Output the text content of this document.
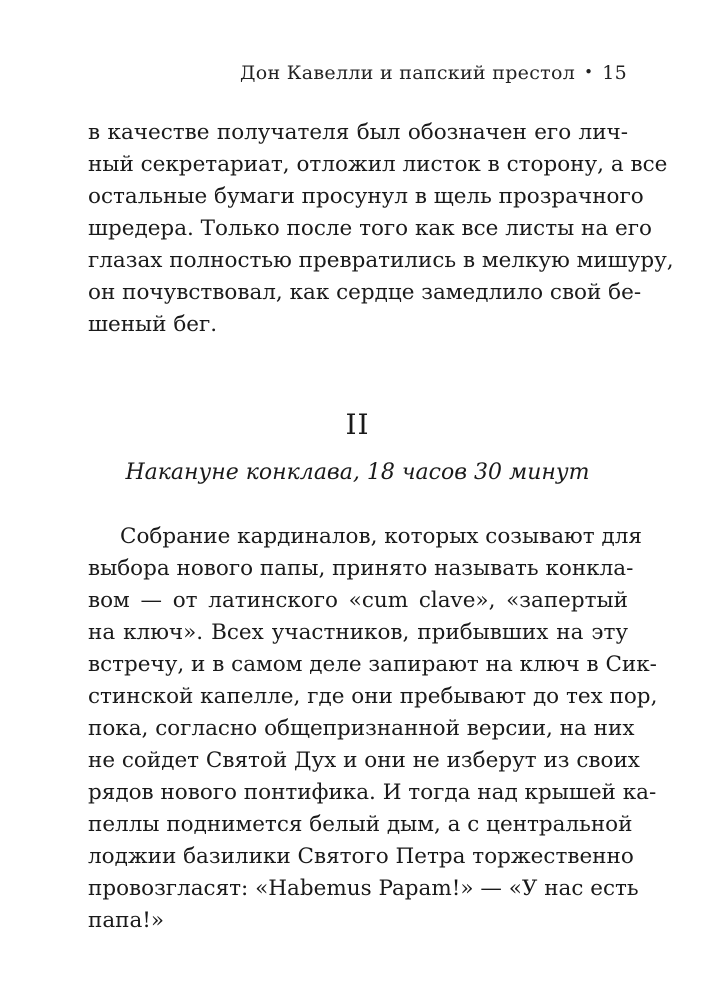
Дон Кавелли и папский престол • 15
в качестве получателя был обозначен его лич-
ный секретариат, отложил листок в сторону, а все
остальные бумаги просунул в щель прозрачного
шредера. Только после того как все листы на его
глазах полностью превратились в мелкую мишуру,
он почувствовал, как сердце замедлило свой бе-
шеный бег.
II
Накануне конклава, 18 часов 30 минут
Собрание кардиналов, которых созывают для
выбора нового папы, принято называть конкла-
вом — от латинского «cum clave», «запертый
на ключ». Всех участников, прибывших на эту
встречу, и в самом деле запирают на ключ в Сик-
стинской капелле, где они пребывают до тех пор,
пока, согласно общепризнанной версии, на них
не сойдет Святой Дух и они не изберут из своих
рядов нового понтифика. И тогда над крышей ка-
пеллы поднимется белый дым, а с центральной
лоджии базилики Святого Петра торжественно
провозгласят: «Habemus Papam!» — «У нас есть
папа!»
